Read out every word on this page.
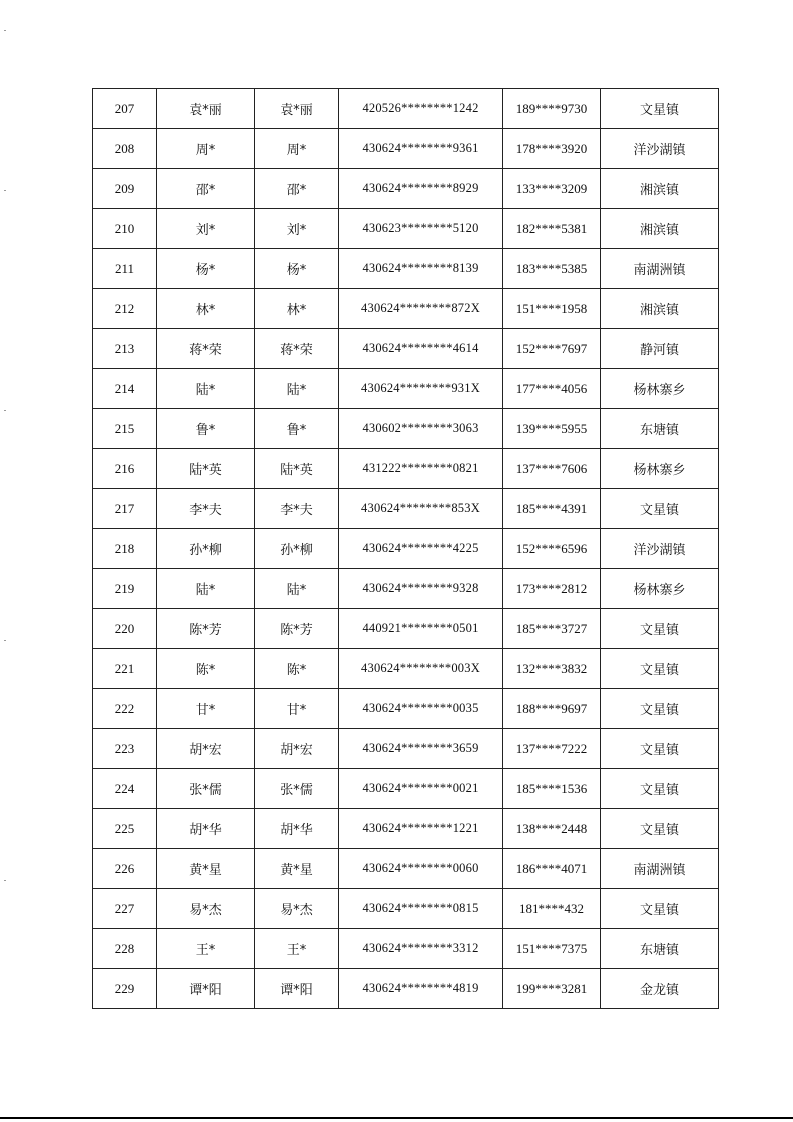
207	袁*丽	袁*丽	420526********1242	189****9730	文星镇
208	周*	周*	430624********9361	178****3920	洋沙湖镇
209	邵*	邵*	430624********8929	133****3209	湘滨镇
210	刘*	刘*	430623********5120	182****5381	湘滨镇
211	杨*	杨*	430624********8139	183****5385	南湖洲镇
212	林*	林*	430624********872X	151****1958	湘滨镇
213	蒋*荣	蒋*荣	430624********4614	152****7697	静河镇
214	陆*	陆*	430624********931X	177****4056	杨林寨乡
215	鲁*	鲁*	430602********3063	139****5955	东塘镇
216	陆*英	陆*英	431222********0821	137****7606	杨林寨乡
217	李*夫	李*夫	430624********853X	185****4391	文星镇
218	孙*柳	孙*柳	430624********4225	152****6596	洋沙湖镇
219	陆*	陆*	430624********9328	173****2812	杨林寨乡
220	陈*芳	陈*芳	440921********0501	185****3727	文星镇
221	陈*	陈*	430624********003X	132****3832	文星镇
222	甘*	甘*	430624********0035	188****9697	文星镇
223	胡*宏	胡*宏	430624********3659	137****7222	文星镇
224	张*儒	张*儒	430624********0021	185****1536	文星镇
225	胡*华	胡*华	430624********1221	138****2448	文星镇
226	黄*星	黄*星	430624********0060	186****4071	南湖洲镇
227	易*杰	易*杰	430624********0815	181****432	文星镇
228	王*	王*	430624********3312	151****7375	东塘镇
229	谭*阳	谭*阳	430624********4819	199****3281	金龙镇
